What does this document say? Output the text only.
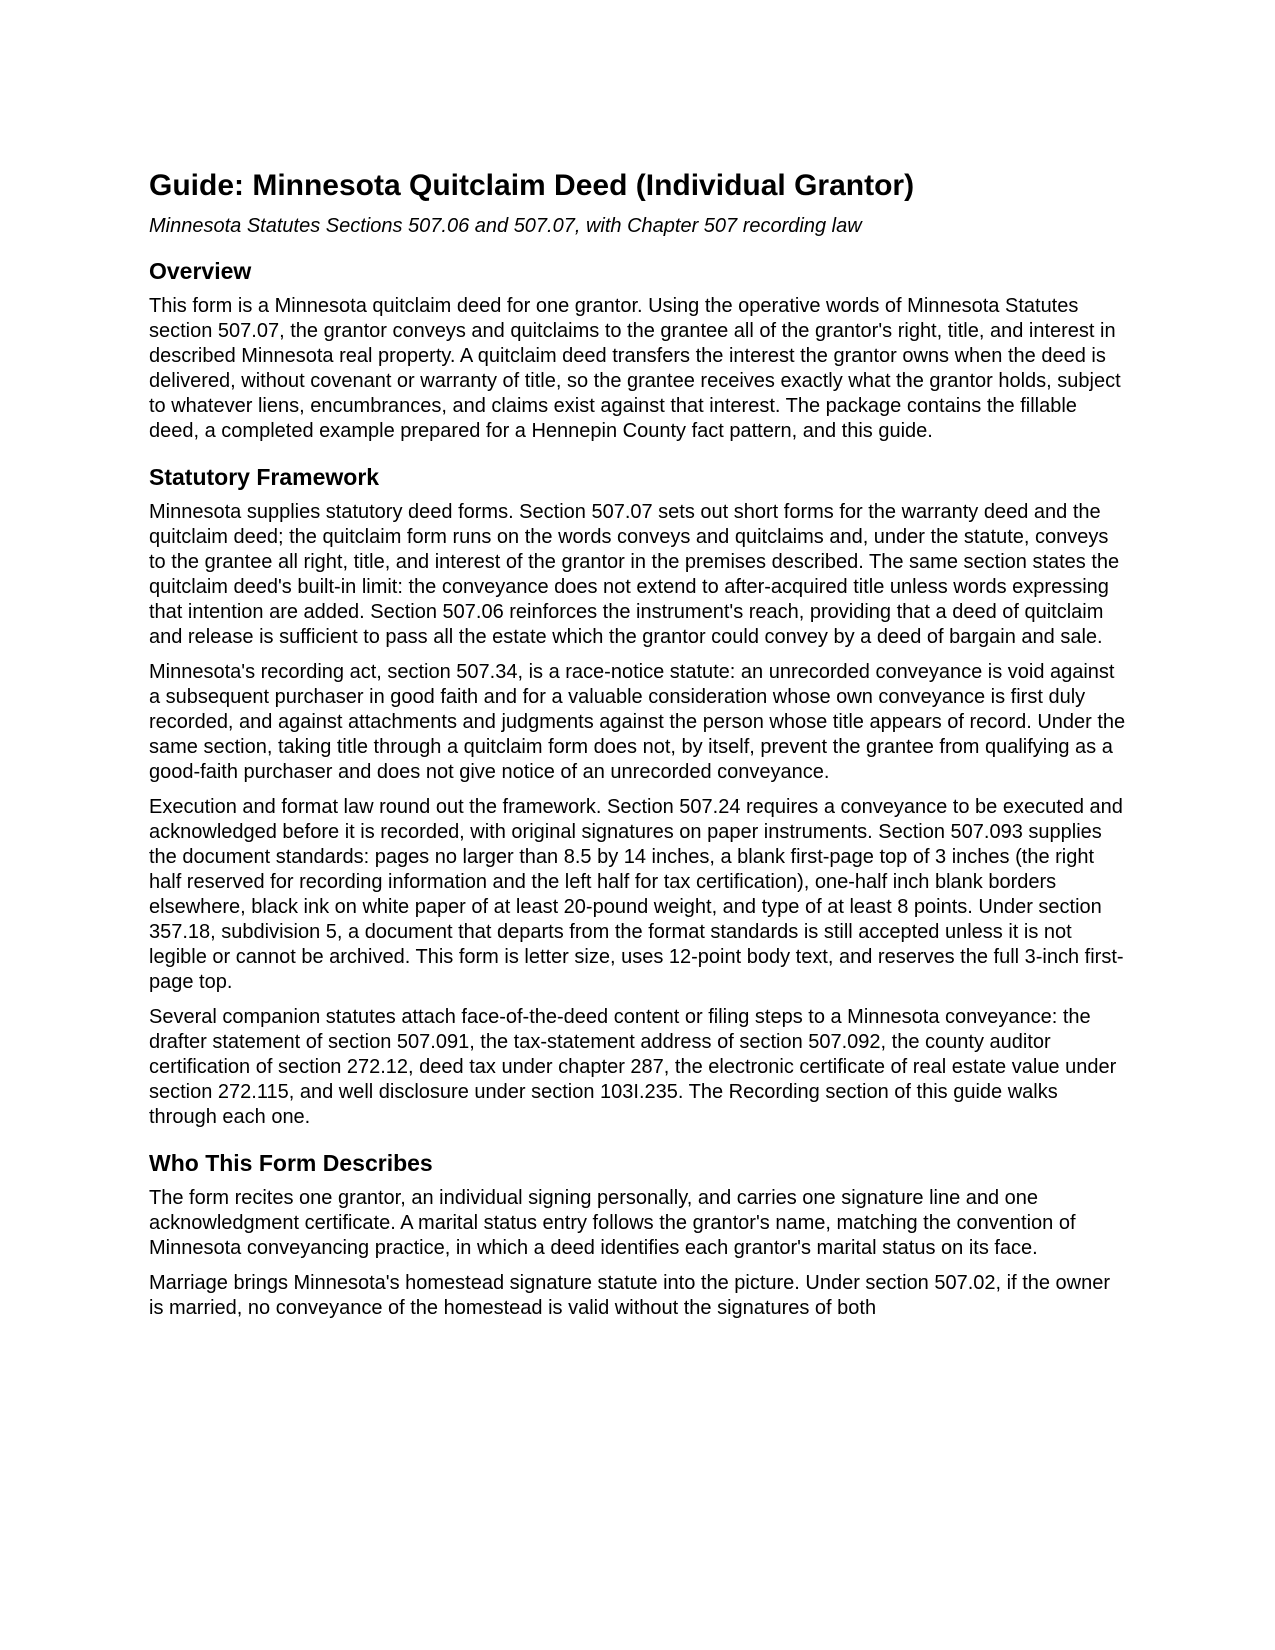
Guide: Minnesota Quitclaim Deed (Individual Grantor)
Minnesota Statutes Sections 507.06 and 507.07, with Chapter 507 recording law
Overview

This form is a Minnesota quitclaim deed for one grantor. Using the operative words of Minnesota Statutes section 507.07, the grantor conveys and quitclaims to the grantee all of the grantor's right, title, and interest in described Minnesota real property. A quitclaim deed transfers the interest the grantor owns when the deed is delivered, without covenant or warranty of title, so the grantee receives exactly what the grantor holds, subject to whatever liens, encumbrances, and claims exist against that interest. The package contains the fillable deed, a completed example prepared for a Hennepin County fact pattern, and this guide.

Statutory Framework

Minnesota supplies statutory deed forms. Section 507.07 sets out short forms for the warranty deed and the quitclaim deed; the quitclaim form runs on the words conveys and quitclaims and, under the statute, conveys to the grantee all right, title, and interest of the grantor in the premises described. The same section states the quitclaim deed's built-in limit: the conveyance does not extend to after-acquired title unless words expressing that intention are added. Section 507.06 reinforces the instrument's reach, providing that a deed of quitclaim and release is sufficient to pass all the estate which the grantor could convey by a deed of bargain and sale.

Minnesota's recording act, section 507.34, is a race-notice statute: an unrecorded conveyance is void against a subsequent purchaser in good faith and for a valuable consideration whose own conveyance is first duly recorded, and against attachments and judgments against the person whose title appears of record. Under the same section, taking title through a quitclaim form does not, by itself, prevent the grantee from qualifying as a good-faith purchaser and does not give notice of an unrecorded conveyance.

Execution and format law round out the framework. Section 507.24 requires a conveyance to be executed and acknowledged before it is recorded, with original signatures on paper instruments. Section 507.093 supplies the document standards: pages no larger than 8.5 by 14 inches, a blank first-page top of 3 inches (the right half reserved for recording information and the left half for tax certification), one-half inch blank borders elsewhere, black ink on white paper of at least 20-pound weight, and type of at least 8 points. Under section 357.18, subdivision 5, a document that departs from the format standards is still accepted unless it is not legible or cannot be archived. This form is letter size, uses 12-point body text, and reserves the full 3-inch first-page top.

Several companion statutes attach face-of-the-deed content or filing steps to a Minnesota conveyance: the drafter statement of section 507.091, the tax-statement address of section 507.092, the county auditor certification of section 272.12, deed tax under chapter 287, the electronic certificate of real estate value under section 272.115, and well disclosure under section 103I.235. The Recording section of this guide walks through each one.

Who This Form Describes

The form recites one grantor, an individual signing personally, and carries one signature line and one acknowledgment certificate. A marital status entry follows the grantor's name, matching the convention of Minnesota conveyancing practice, in which a deed identifies each grantor's marital status on its face.

Marriage brings Minnesota's homestead signature statute into the picture. Under section 507.02, if the owner is married, no conveyance of the homestead is valid without the signatures of both
